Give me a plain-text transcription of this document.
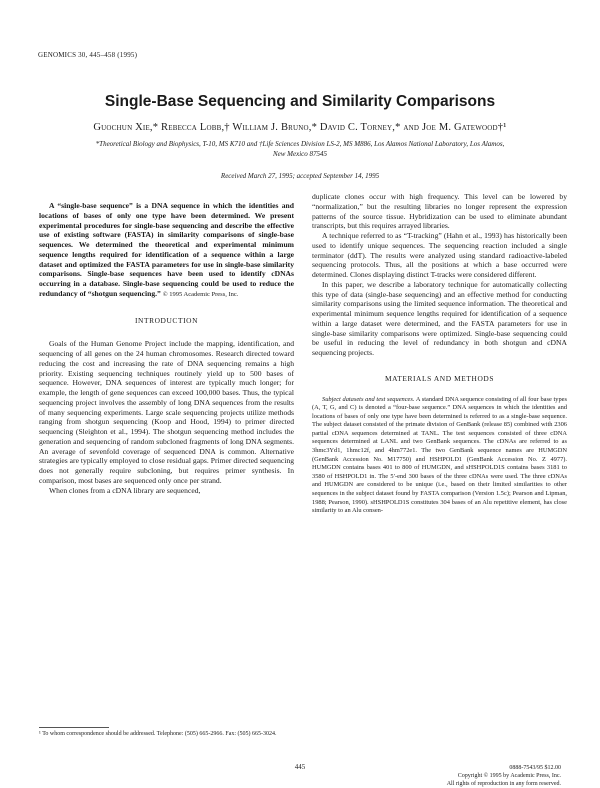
GENOMICS 30, 445–458 (1995)
Single-Base Sequencing and Similarity Comparisons
Guochun Xie,* Rebecca Lobb,† William J. Bruno,* David C. Torney,* and Joe M. Gatewood†¹
*Theoretical Biology and Biophysics, T-10, MS K710 and †Life Sciences Division LS-2, MS M886, Los Alamos National Laboratory, Los Alamos, New Mexico 87545
Received March 27, 1995; accepted September 14, 1995

A “single-base sequence” is a DNA sequence in which the identities and locations of bases of only one type have been determined. We present experimental procedures for single-base sequencing and describe the effective use of existing software (FASTA) in similarity comparisons of single-base sequences. We determined the theoretical and experimental minimum sequence lengths required for identification of a sequence within a large dataset and optimized the FASTA parameters for use in single-base similarity comparisons. Single-base sequences have been used to identify cDNAs occurring in a database. Single-base sequencing could be used to reduce the redundancy of “shotgun sequencing.” © 1995 Academic Press, Inc.

INTRODUCTION

Goals of the Human Genome Project include the mapping, identification, and sequencing of all genes on the 24 human chromosomes. Research directed toward reducing the cost and increasing the rate of DNA sequencing remains a high priority. Existing sequencing techniques routinely yield up to 500 bases of sequence. However, DNA sequences of interest are typically much longer; for example, the length of gene sequences can exceed 100,000 bases. Thus, the typical sequencing project involves the assembly of long DNA sequences from the results of many sequencing experiments. Large scale sequencing projects utilize methods ranging from shotgun sequencing (Koop and Hood, 1994) to primer directed sequencing (Sleighton et al., 1994). The shotgun sequencing method includes the generation and sequencing of random subcloned fragments of long DNA segments. An average of sevenfold coverage of sequenced DNA is common. Alternative strategies are typically employed to close residual gaps. Primer directed sequencing does not generally require subcloning, but requires primer synthesis. In comparison, most bases are sequenced only once per strand.

When clones from a cDNA library are sequenced,

¹ To whom correspondence should be addressed. Telephone: (505) 665-2966. Fax: (505) 665-3024.

duplicate clones occur with high frequency. This level can be lowered by “normalization,” but the resulting libraries no longer represent the expression patterns of the source tissue. Hybridization can be used to eliminate abundant transcripts, but this requires arrayed libraries.

A technique referred to as “T-tracking” (Hahn et al., 1993) has historically been used to identify unique sequences. The sequencing reaction included a single terminator (ddT). The results were analyzed using standard radioactive-labeled sequencing protocols. Thus, all the positions at which a base occurred were determined. Clones displaying distinct T-tracks were considered different.

In this paper, we describe a laboratory technique for automatically collecting this type of data (single-base sequencing) and an effective method for conducting similarity comparisons using the limited sequence information. The theoretical and experimental minimum sequence lengths required for identification of a sequence within a large dataset were determined, and the FASTA parameters for use in single-base similarity comparisons were optimized. Single-base sequencing could be useful in reducing the level of redundancy in both shotgun and cDNA sequencing projects.

MATERIALS AND METHODS

Subject datasets and test sequences. A standard DNA sequence consisting of all four base types (A, T, G, and C) is denoted a “four-base sequence.” DNA sequences in which the identities and locations of bases of only one type have been determined is referred to as a single-base sequence. The subject dataset consisted of the primate division of GenBank (release 85) combined with 2306 partial cDNA sequences determined at TANL. The test sequences consisted of three cDNA sequences determined at LANL and two GenBank sequences. The cDNAs are referred to as 3hmc3Yd1, 1hmc12f, and 4hm772e1. The two GenBank sequence names are HUMGDN (GenBank Accession No. M17750) and HSHPOLD1 (GenBank Accession No. Z 4977). HUMGDN contains bases 401 to 800 of HUMGDN, and sHSHPOLD1S contains bases 3181 to 3580 of HSHPOLD1 in. The 5′-end 300 bases of the three cDNAs were used. The three cDNAs and HUMGDN are considered to be unique (i.e., based on their limited similarities to other sequences in the subject dataset found by FASTA comparison (Version 1.5c); Pearson and Lipman, 1988; Pearson, 1990). sHSHPOLD1S constitutes 304 bases of an Alu repetitive element, has close similarity to an Alu consen-

445	0888-7543/95 $12.00
Copyright © 1995 by Academic Press, Inc.
All rights of reproduction in any form reserved.
